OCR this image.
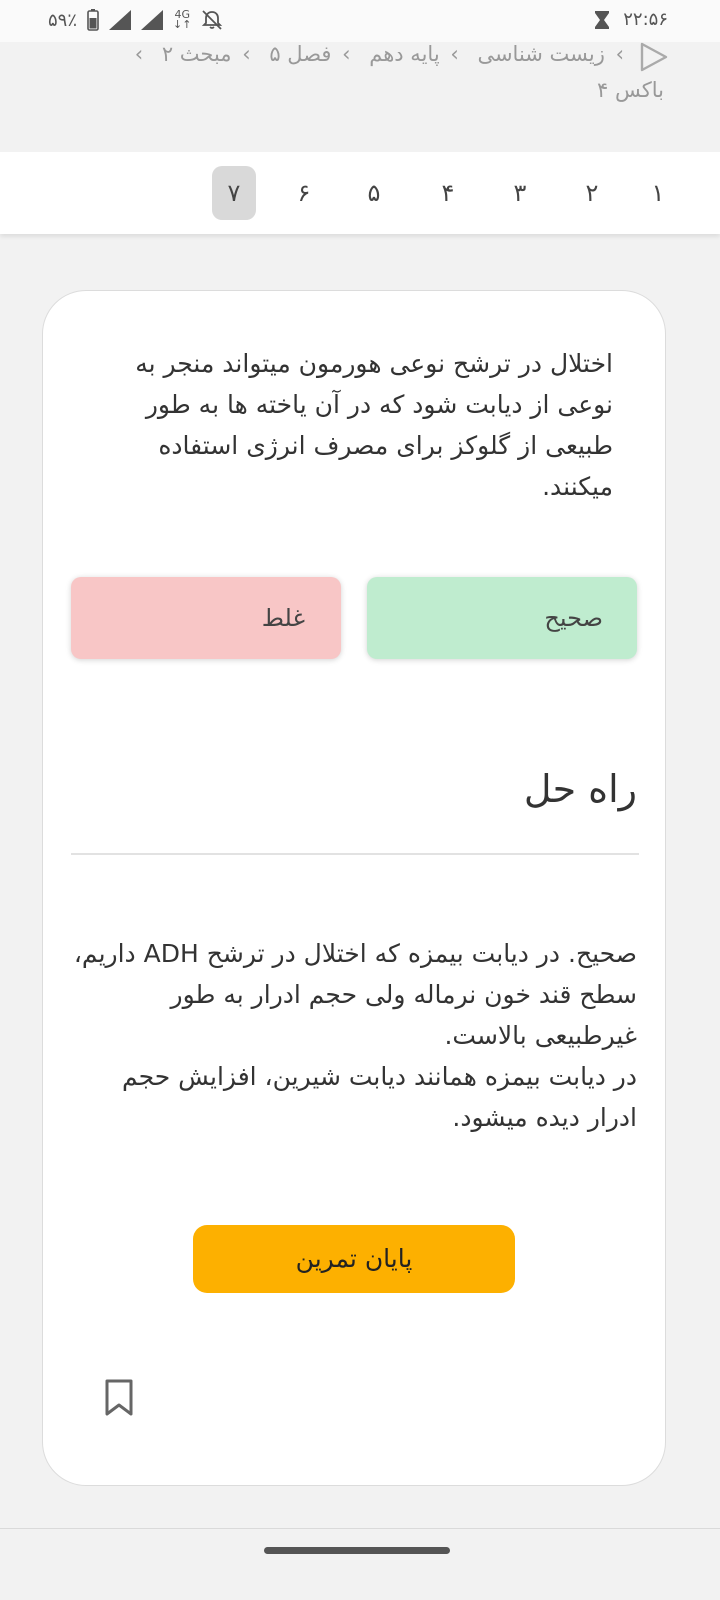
۵۹٪	4G
↓↑	۲۲:۵۶
› زیست شناسی › پایه دهم › فصل ۵ › مبحث ۲ ›
باکس ۴
۱
۲
۳
۴
۵
۶
۷
اختلال در ترشح نوعی هورمون میتواند منجر به نوعی از دیابت شود که در آن یاخته ها به طور طبیعی از گلوکز برای مصرف انرژی استفاده میکنند.
صحیح
غلط
راه حل

صحیح. در دیابت بیمزه که اختلال در ترشح ADH داریم، سطح قند خون نرماله ولی حجم ادرار به طور غیرطبیعی بالاست.

در دیابت بیمزه همانند دیابت شیرین، افزایش حجم ادرار دیده میشود.

پایان تمرین
